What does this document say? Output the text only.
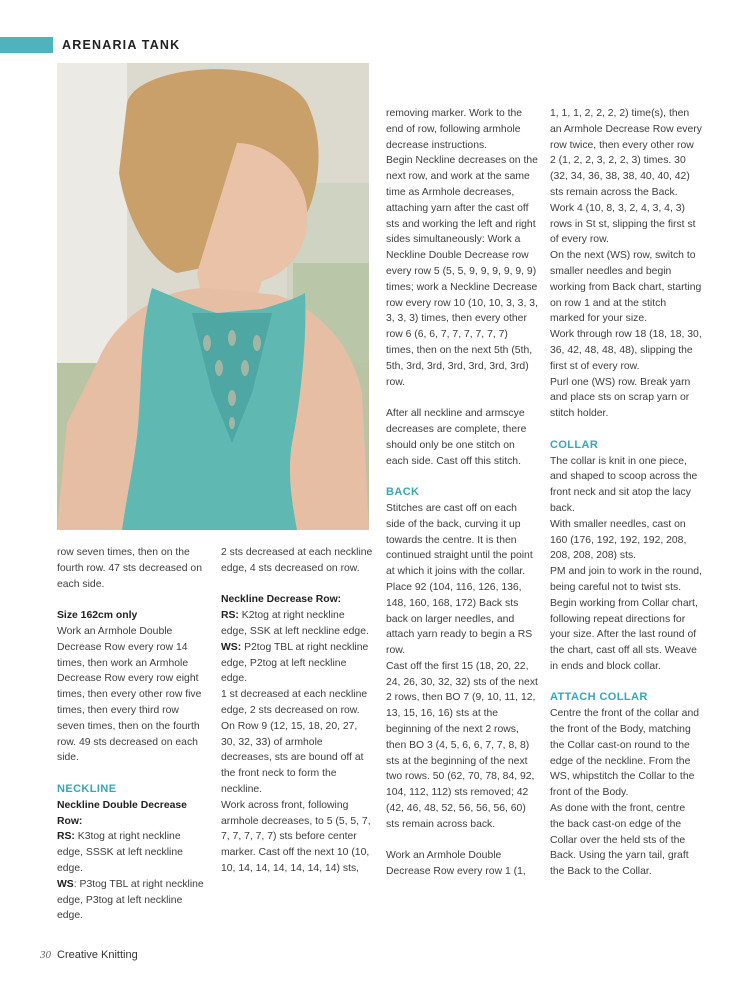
ARENARIA TANK

row seven times, then on the fourth row. 47 sts decreased on each side.

Size 162cm only

Work an Armhole Double Decrease Row every row 14 times, then work an Armhole Decrease Row every row eight times, then every other row five times, then every third row seven times, then on the fourth row. 49 sts decreased on each side.

NECKLINE

Neckline Double Decrease Row:

RS: K3tog at right neckline edge, SSSK at left neckline edge.

WS: P3tog TBL at right neckline edge, P3tog at left neckline edge.

2 sts decreased at each neckline edge, 4 sts decreased on row.

Neckline Decrease Row:

RS: K2tog at right neckline edge, SSK at left neckline edge.

WS: P2tog TBL at right neckline edge, P2tog at left neckline edge.

1 st decreased at each neckline edge, 2 sts decreased on row.

On Row 9 (12, 15, 18, 20, 27, 30, 32, 33) of armhole decreases, sts are bound off at the front neck to form the neckline.

Work across front, following armhole decreases, to 5 (5, 5, 7, 7, 7, 7, 7, 7) sts before center marker. Cast off the next 10 (10, 10, 14, 14, 14, 14, 14, 14) sts,

removing marker. Work to the end of row, following armhole decrease instructions.

Begin Neckline decreases on the next row, and work at the same time as Armhole decreases, attaching yarn after the cast off sts and working the left and right sides simultaneously: Work a Neckline Double Decrease row every row 5 (5, 5, 9, 9, 9, 9, 9, 9) times; work a Neckline Decrease row every row 10 (10, 10, 3, 3, 3, 3, 3, 3) times, then every other row 6 (6, 6, 7, 7, 7, 7, 7, 7) times, then on the next 5th (5th, 5th, 3rd, 3rd, 3rd, 3rd, 3rd, 3rd) row.

After all neckline and armscye decreases are complete, there should only be one stitch on each side. Cast off this stitch.

BACK

Stitches are cast off on each side of the back, curving it up towards the centre. It is then continued straight until the point at which it joins with the collar.

Place 92 (104, 116, 126, 136, 148, 160, 168, 172) Back sts back on larger needles, and attach yarn ready to begin a RS row.

Cast off the first 15 (18, 20, 22, 24, 26, 30, 32, 32) sts of the next 2 rows, then BO 7 (9, 10, 11, 12, 13, 15, 16, 16) sts at the beginning of the next 2 rows, then BO 3 (4, 5, 6, 6, 7, 7, 8, 8) sts at the beginning of the next two rows. 50 (62, 70, 78, 84, 92, 104, 112, 112) sts removed; 42 (42, 46, 48, 52, 56, 56, 56, 60) sts remain across back.

Work an Armhole Double Decrease Row every row 1 (1,

1, 1, 1, 2, 2, 2, 2) time(s), then an Armhole Decrease Row every row twice, then every other row 2 (1, 2, 2, 3, 2, 2, 3) times. 30 (32, 34, 36, 38, 38, 40, 40, 42) sts remain across the Back. Work 4 (10, 8, 3, 2, 4, 3, 4, 3) rows in St st, slipping the first st of every row.

On the next (WS) row, switch to smaller needles and begin working from Back chart, starting on row 1 and at the stitch marked for your size.

Work through row 18 (18, 18, 30, 36, 42, 48, 48, 48), slipping the first st of every row.

Purl one (WS) row. Break yarn and place sts on scrap yarn or stitch holder.

COLLAR

The collar is knit in one piece, and shaped to scoop across the front neck and sit atop the lacy back.

With smaller needles, cast on 160 (176, 192, 192, 192, 208, 208, 208, 208) sts.

PM and join to work in the round, being careful not to twist sts. Begin working from Collar chart, following repeat directions for your size. After the last round of the chart, cast off all sts. Weave in ends and block collar.

ATTACH COLLAR

Centre the front of the collar and the front of the Body, matching the Collar cast-on round to the edge of the neckline. From the WS, whipstitch the Collar to the front of the Body.

As done with the front, centre the back cast-on edge of the Collar over the held sts of the Back. Using the yarn tail, graft the Back to the Collar.

30 Creative Knitting
